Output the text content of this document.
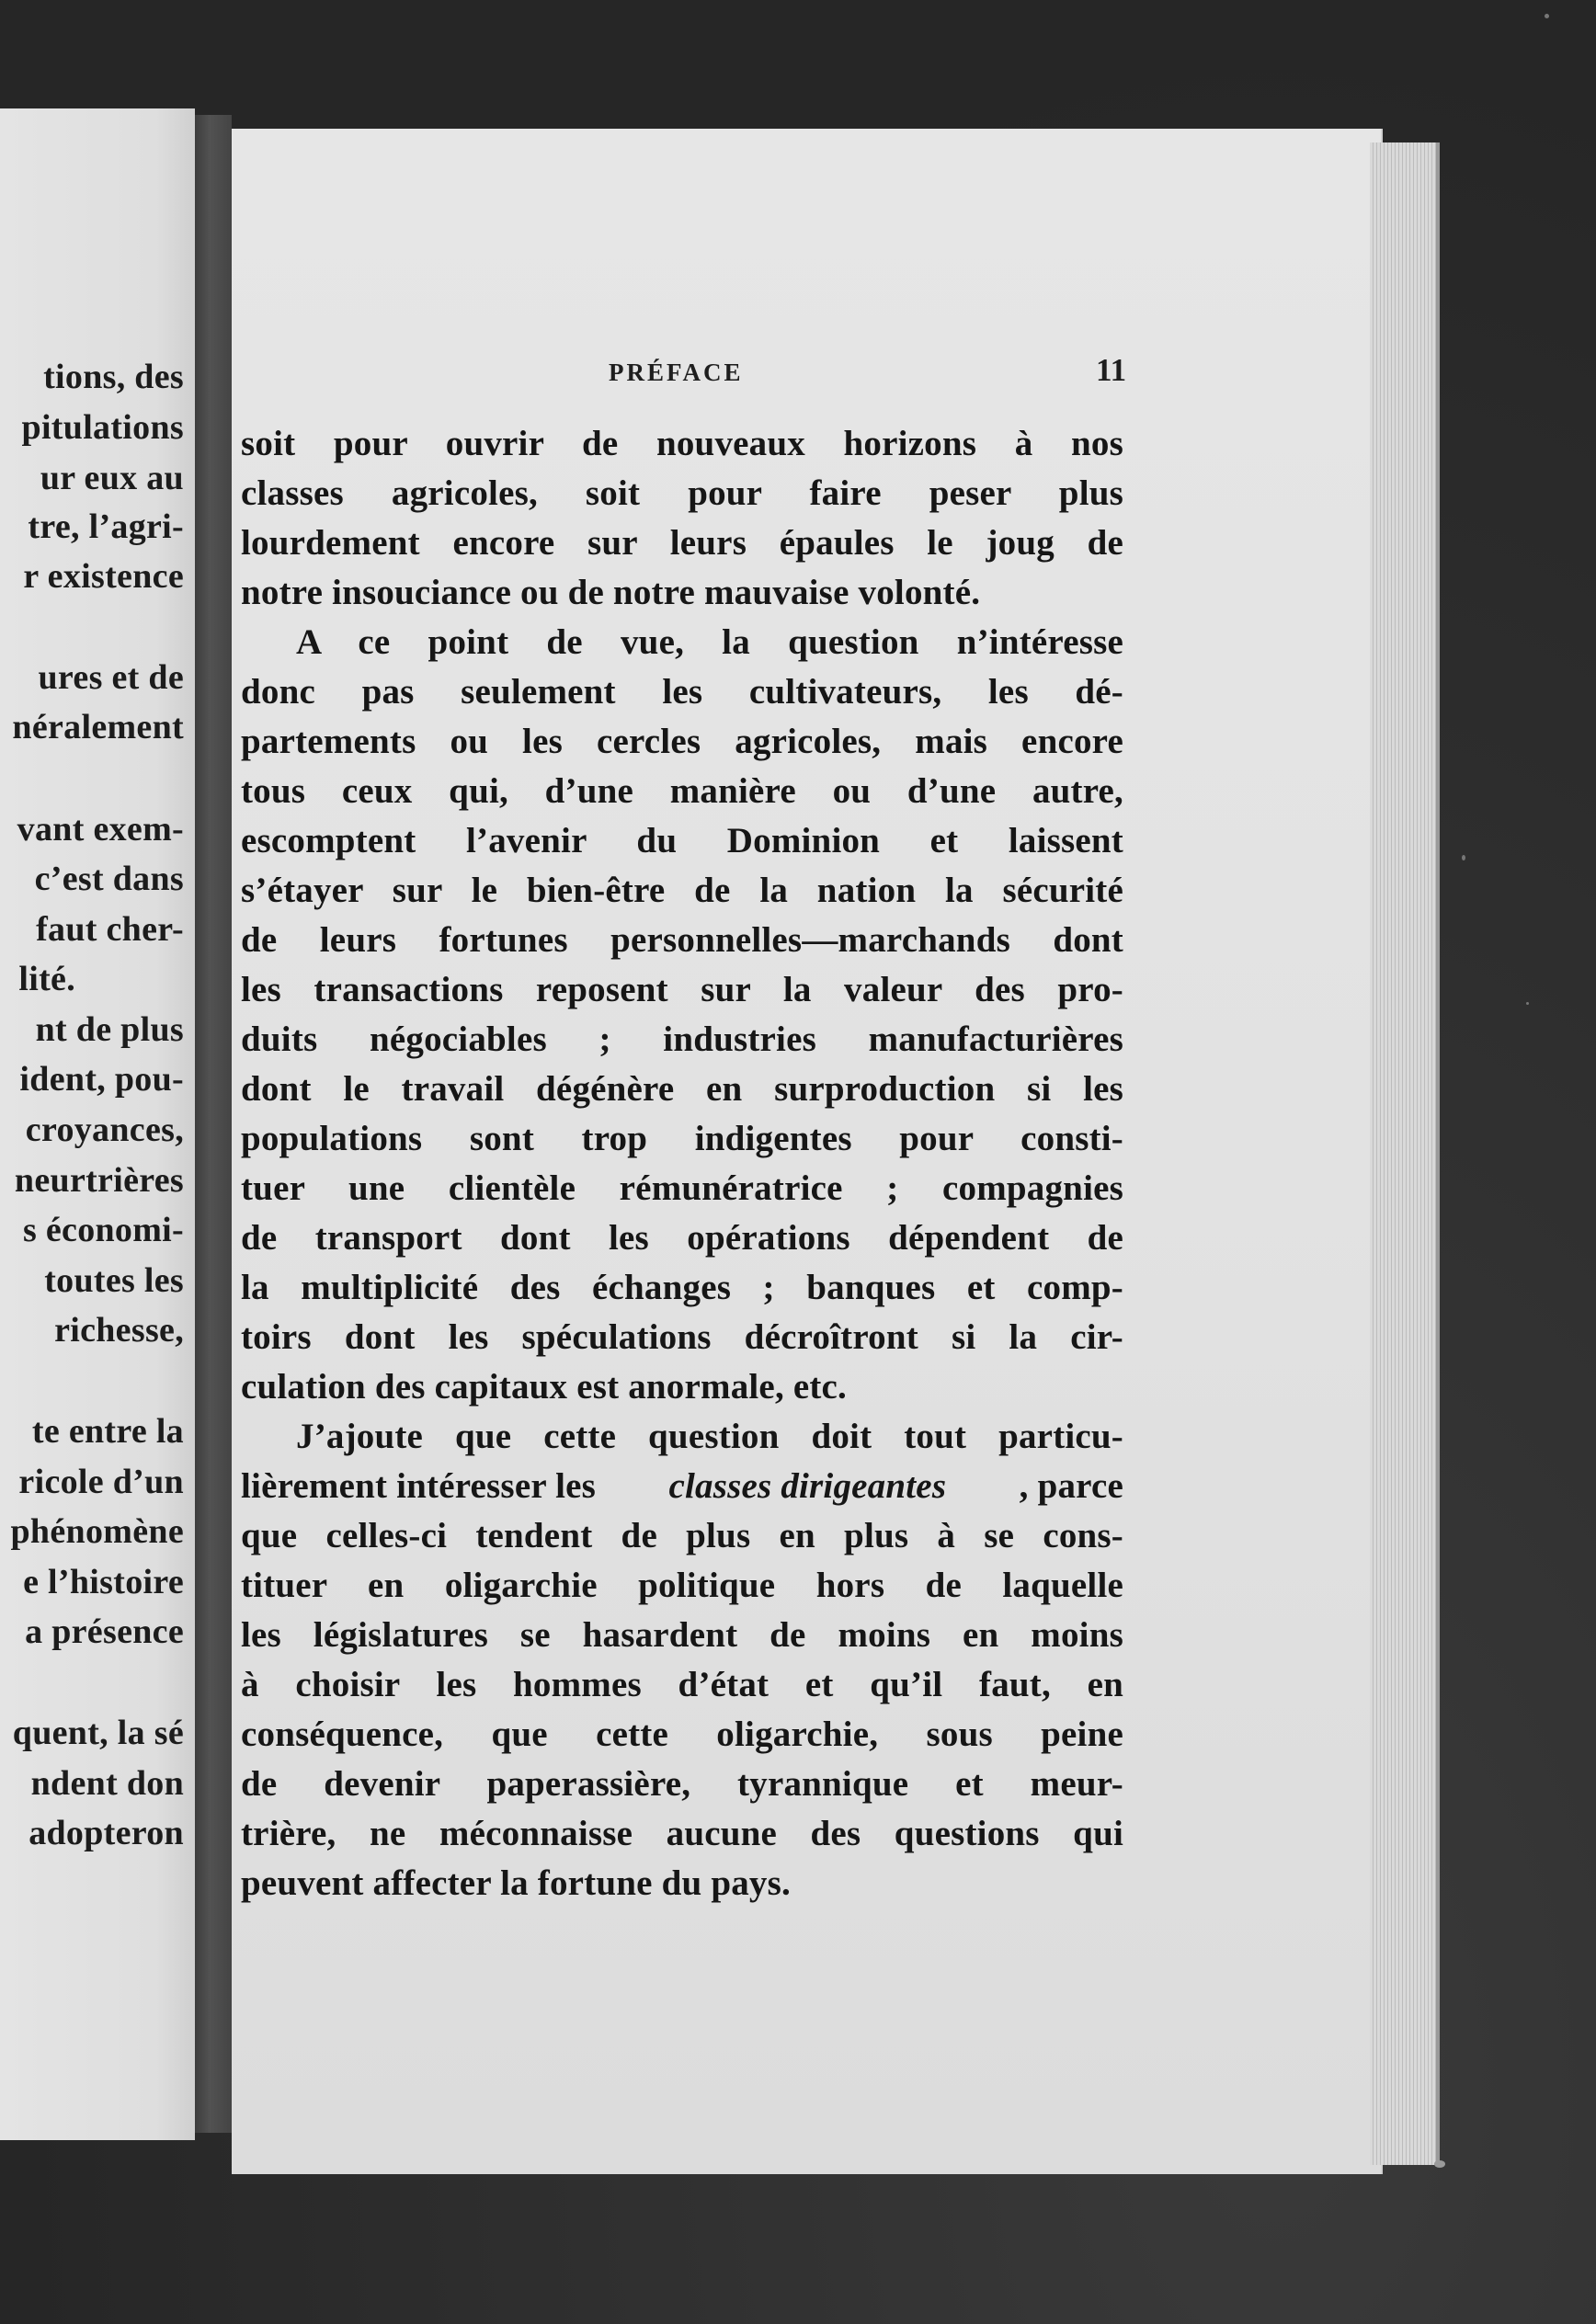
tions, des
pitulations
ur eux au
tre, l’agri-
r existence
ures et de
néralement
vant exem-
c’est dans
faut cher-
lité.
nt de plus
ident, pou-
croyances,
neurtrières
s économi-
toutes les
richesse,
te entre la
ricole d’un
phénomène
e l’histoire
a présence
quent, la sé
ndent don
adopteron
PRÉFACE	11
soit pour ouvrir de nouveaux horizons à nos
classes agricoles, soit pour faire peser plus
lourdement encore sur leurs épaules le joug de
notre insouciance ou de notre mauvaise volonté.
A ce point de vue, la question n’intéresse
donc pas seulement les cultivateurs, les dé-
partements ou les cercles agricoles, mais encore
tous ceux qui, d’une manière ou d’une autre,
escomptent l’avenir du Dominion et laissent
s’étayer sur le bien-être de la nation la sécurité
de leurs fortunes personnelles—marchands dont
les transactions reposent sur la valeur des pro-
duits négociables ; industries manufacturières
dont le travail dégénère en surproduction si les
populations sont trop indigentes pour consti-
tuer une clientèle rémunératrice ; compagnies
de transport dont les opérations dépendent de
la multiplicité des échanges ; banques et comp-
toirs dont les spéculations décroîtront si la cir-
culation des capitaux est anormale, etc.
J’ajoute que cette question doit tout particu-
lièrement intéresser les classes dirigeantes , parce
que celles-ci tendent de plus en plus à se cons-
tituer en oligarchie politique hors de laquelle
les législatures se hasardent de moins en moins
à choisir les hommes d’état et qu’il faut, en
conséquence, que cette oligarchie, sous peine
de devenir paperassière, tyrannique et meur-
trière, ne méconnaisse aucune des questions qui
peuvent affecter la fortune du pays.
